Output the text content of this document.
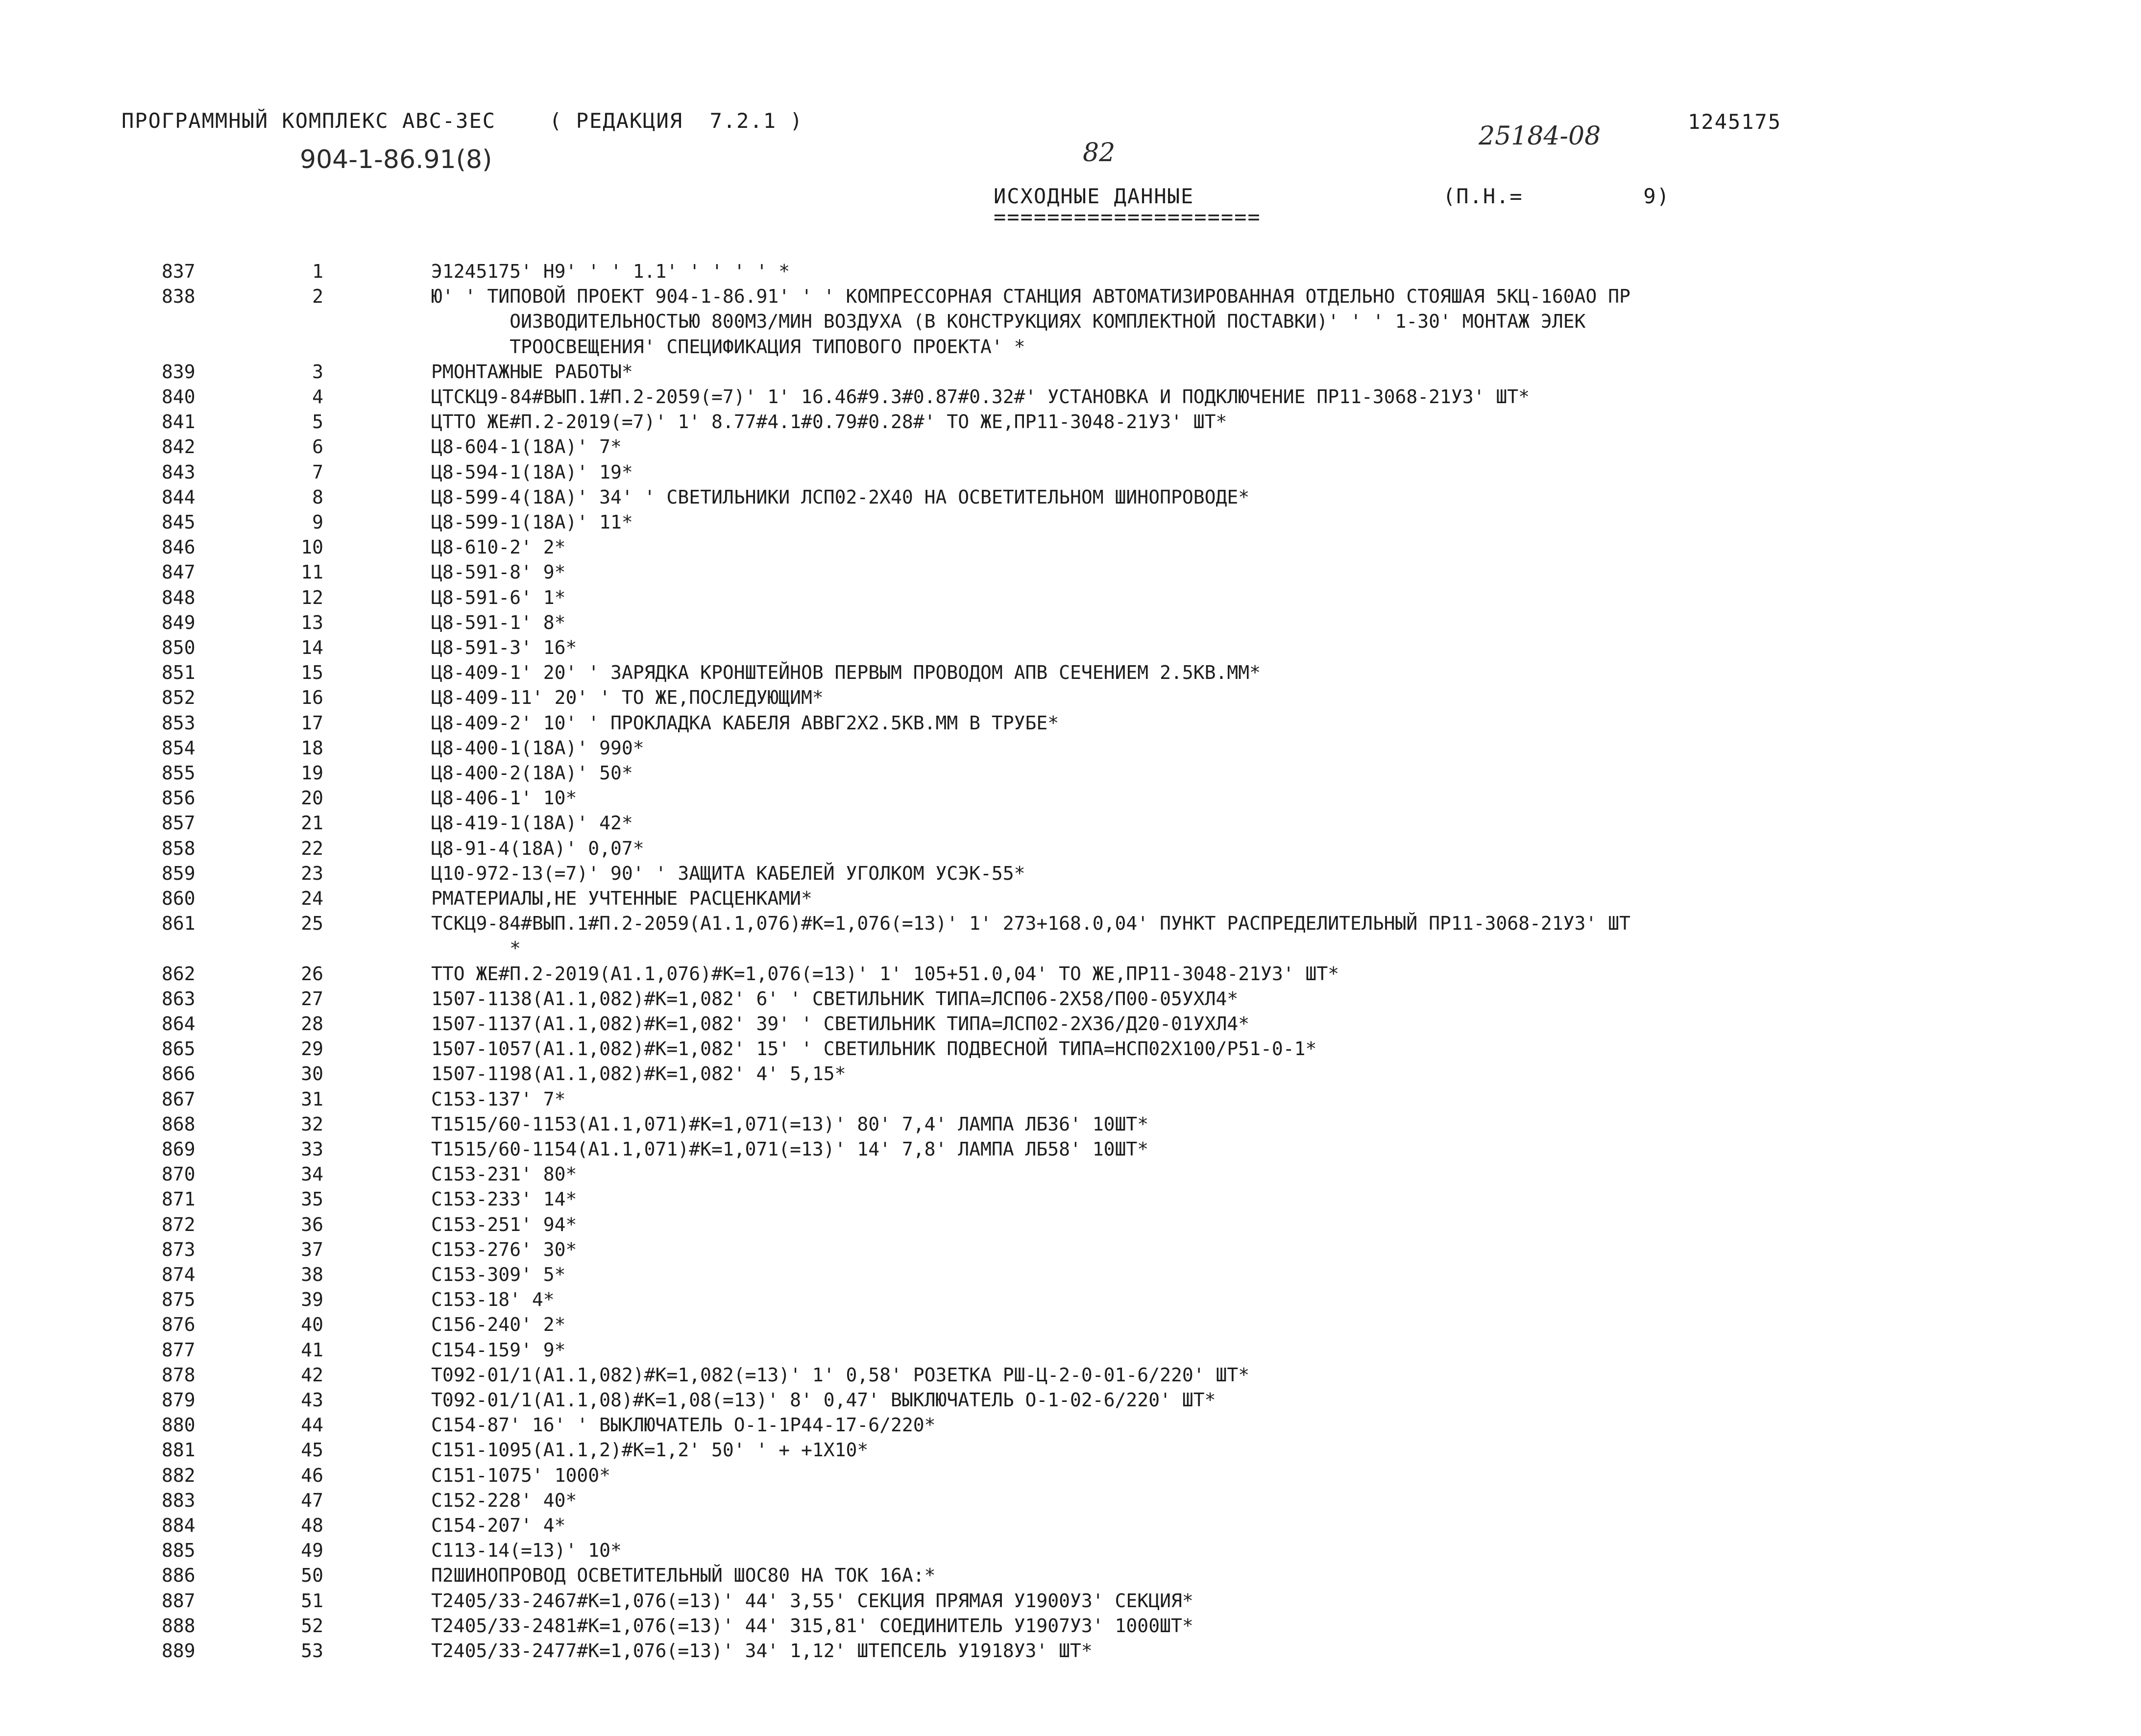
ПРОГРАММНЫЙ КОМПЛЕКС АВС-3ЕС    ( РЕДАКЦИЯ  7.2.1 )
904-1-86.91(8)	82
25184-08	1245175
ИСХОДНЫЕ ДАННЫЕ
====================
(П.Н.=         9)
837	1	Э1245175' Н9' ' ' 1.1' ' ' ' ' *
838	2	Ю' ' ТИПОВОЙ ПРОЕКТ 904-1-86.91' ' ' КОМПРЕССОРНАЯ СТАНЦИЯ АВТОМАТИЗИРОВАННАЯ ОТДЕЛЬНО СТОЯШАЯ 5КЦ-160АО ПР
ОИЗВОДИТЕЛЬНОСТЬЮ 800М3/МИН ВОЗДУХА (В КОНСТРУКЦИЯХ КОМПЛЕКТНОЙ ПОСТАВКИ)' ' ' 1-30' МОНТАЖ ЭЛЕК
ТРООСВЕЩЕНИЯ' СПЕЦИФИКАЦИЯ ТИПОВОГО ПРОЕКТА' *
839	3	РМОНТАЖНЫЕ РАБОТЫ*
840	4	ЦТСКЦ9-84#ВЫП.1#П.2-2059(=7)' 1' 16.46#9.3#0.87#0.32#' УСТАНОВКА И ПОДКЛЮЧЕНИЕ ПР11-3068-21У3' ШТ*
841	5	ЦТТО ЖЕ#П.2-2019(=7)' 1' 8.77#4.1#0.79#0.28#' ТО ЖЕ,ПР11-3048-21У3' ШТ*
842	6	Ц8-604-1(18А)' 7*
843	7	Ц8-594-1(18А)' 19*
844	8	Ц8-599-4(18А)' 34' ' СВЕТИЛЬНИКИ ЛСП02-2Х40 НА ОСВЕТИТЕЛЬНОМ ШИНОПРОВОДЕ*
845	9	Ц8-599-1(18А)' 11*
846	10	Ц8-610-2' 2*
847	11	Ц8-591-8' 9*
848	12	Ц8-591-6' 1*
849	13	Ц8-591-1' 8*
850	14	Ц8-591-3' 16*
851	15	Ц8-409-1' 20' ' ЗАРЯДКА КРОНШТЕЙНОВ ПЕРВЫМ ПРОВОДОМ АПВ СЕЧЕНИЕМ 2.5КВ.ММ*
852	16	Ц8-409-11' 20' ' ТО ЖЕ,ПОСЛЕДУЮЩИМ*
853	17	Ц8-409-2' 10' ' ПРОКЛАДКА КАБЕЛЯ АВВГ2Х2.5КВ.ММ В ТРУБЕ*
854	18	Ц8-400-1(18А)' 990*
855	19	Ц8-400-2(18А)' 50*
856	20	Ц8-406-1' 10*
857	21	Ц8-419-1(18А)' 42*
858	22	Ц8-91-4(18А)' 0,07*
859	23	Ц10-972-13(=7)' 90' ' ЗАЩИТА КАБЕЛЕЙ УГОЛКОМ УСЭК-55*
860	24	РМАТЕРИАЛЫ,НЕ УЧТЕННЫЕ РАСЦЕНКАМИ*
861	25	ТСКЦ9-84#ВЫП.1#П.2-2059(А1.1,076)#К=1,076(=13)' 1' 273+168.0,04' ПУНКТ РАСПРЕДЕЛИТЕЛЬНЫЙ ПР11-3068-21У3' ШТ
*
862	26	ТТО ЖЕ#П.2-2019(А1.1,076)#К=1,076(=13)' 1' 105+51.0,04' ТО ЖЕ,ПР11-3048-21У3' ШТ*
863	27	1507-1138(А1.1,082)#К=1,082' 6' ' СВЕТИЛЬНИК ТИПА=ЛСП06-2Х58/П00-05УХЛ4*
864	28	1507-1137(А1.1,082)#К=1,082' 39' ' СВЕТИЛЬНИК ТИПА=ЛСП02-2Х36/Д20-01УХЛ4*
865	29	1507-1057(А1.1,082)#К=1,082' 15' ' СВЕТИЛЬНИК ПОДВЕСНОЙ ТИПА=НСП02Х100/Р51-0-1*
866	30	1507-1198(А1.1,082)#К=1,082' 4' 5,15*
867	31	С153-137' 7*
868	32	Т1515/60-1153(А1.1,071)#К=1,071(=13)' 80' 7,4' ЛАМПА ЛБ36' 10ШТ*
869	33	Т1515/60-1154(А1.1,071)#К=1,071(=13)' 14' 7,8' ЛАМПА ЛБ58' 10ШТ*
870	34	С153-231' 80*
871	35	С153-233' 14*
872	36	С153-251' 94*
873	37	С153-276' 30*
874	38	С153-309' 5*
875	39	С153-18' 4*
876	40	С156-240' 2*
877	41	С154-159' 9*
878	42	Т092-01/1(А1.1,082)#К=1,082(=13)' 1' 0,58' РОЗЕТКА РШ-Ц-2-0-01-6/220' ШТ*
879	43	Т092-01/1(А1.1,08)#К=1,08(=13)' 8' 0,47' ВЫКЛЮЧАТЕЛЬ О-1-02-6/220' ШТ*
880	44	С154-87' 16' ' ВЫКЛЮЧАТЕЛЬ О-1-1Р44-17-6/220*
881	45	С151-1095(А1.1,2)#К=1,2' 50' ' + +1Х10*
882	46	С151-1075' 1000*
883	47	С152-228' 40*
884	48	С154-207' 4*
885	49	С113-14(=13)' 10*
886	50	П2ШИНОПРОВОД ОСВЕТИТЕЛЬНЫЙ ШОС80 НА ТОК 16А:*
887	51	Т2405/33-2467#К=1,076(=13)' 44' 3,55' СЕКЦИЯ ПРЯМАЯ У1900У3' СЕКЦИЯ*
888	52	Т2405/33-2481#К=1,076(=13)' 44' 315,81' СОЕДИНИТЕЛЬ У1907У3' 1000ШТ*
889	53	Т2405/33-2477#К=1,076(=13)' 34' 1,12' ШТЕПСЕЛЬ У1918У3' ШТ*
